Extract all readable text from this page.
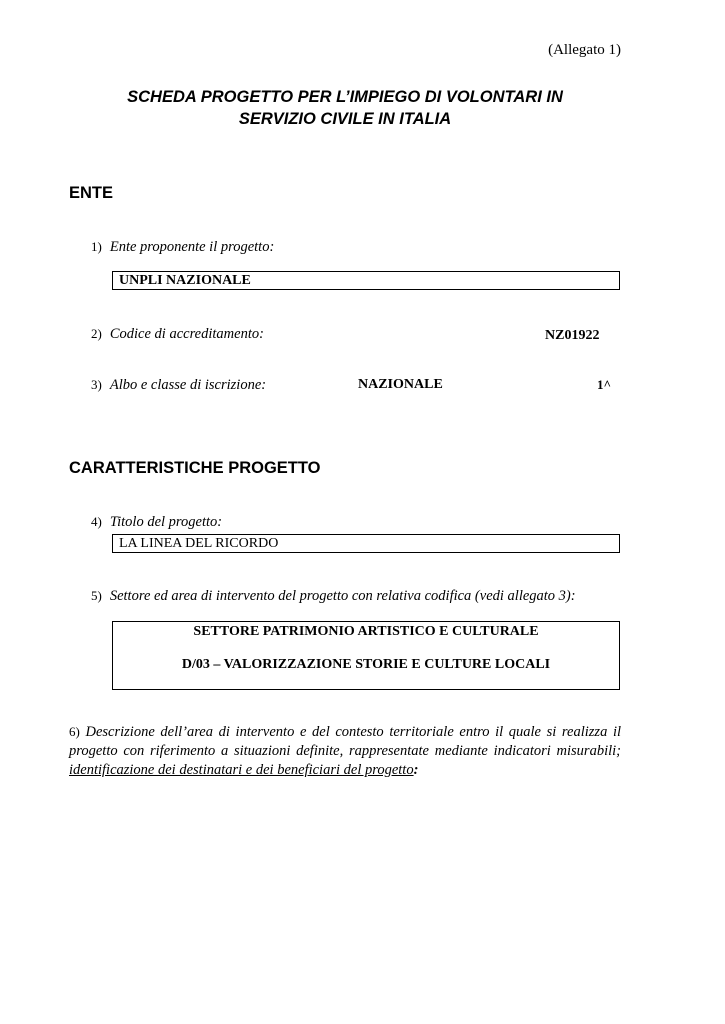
(Allegato 1)
SCHEDA PROGETTO PER L’IMPIEGO DI VOLONTARI IN
SERVIZIO CIVILE IN ITALIA
ENTE
1) Ente proponente il progetto:
UNPLI NAZIONALE
2) Codice di accreditamento:	NZ01922
3) Albo e classe di iscrizione:	NAZIONALE	1^
CARATTERISTICHE PROGETTO
4) Titolo del progetto:
LA LINEA DEL RICORDO
5) Settore ed area di intervento del progetto con relativa codifica (vedi allegato 3):
SETTORE PATRIMONIO ARTISTICO E CULTURALE
D/03 – VALORIZZAZIONE STORIE E CULTURE LOCALI
6) Descrizione dell’area di intervento e del contesto territoriale entro il quale si realizza il progetto con riferimento a situazioni definite, rappresentate mediante indicatori misurabili; identificazione dei destinatari e dei beneficiari del progetto:
